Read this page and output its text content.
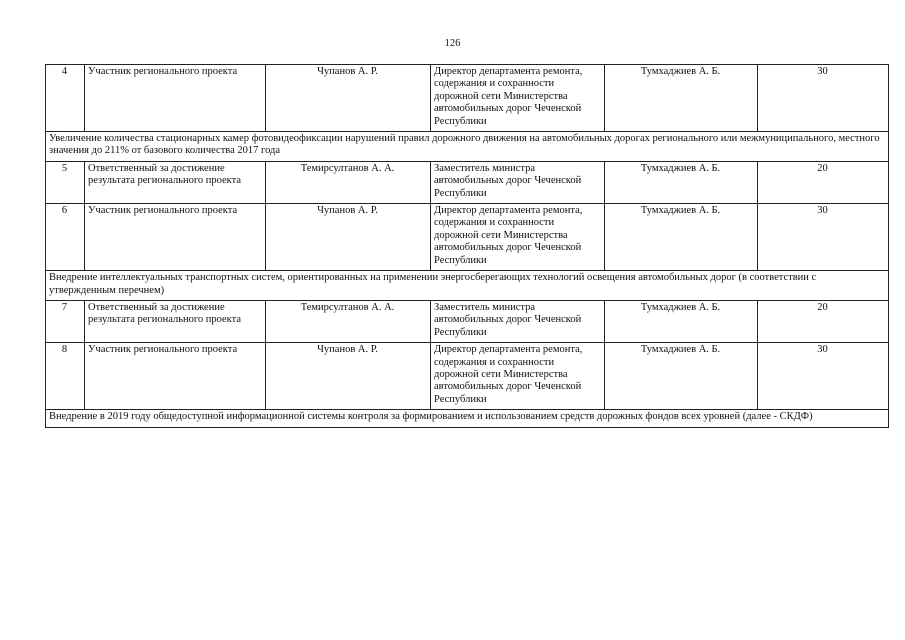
126
4	Участник регионального проекта	Чупанов А. Р.	Директор департамента ремонта, содержания и сохранности дорожной сети Министерства автомобильных дорог Чеченской Республики	Тумхаджиев А. Б.	30
Увеличение количества стационарных камер фотовидеофиксации нарушений правил дорожного движения на автомобильных дорогах регионального или межмуниципального, местного значения до 211% от базового количества 2017 года					
5	Ответственный за достижение результата регионального проекта	Темирсултанов А. А.	Заместитель министра автомобильных дорог Чеченской Республики	Тумхаджиев А. Б.	20
6	Участник регионального проекта	Чупанов А. Р.	Директор департамента ремонта, содержания и сохранности дорожной сети Министерства автомобильных дорог Чеченской Республики	Тумхаджиев А. Б.	30
Внедрение интеллектуальных транспортных систем, ориентированных на применении энергосберегающих технологий освещения автомобильных дорог (в соответствии с утвержденным перечнем)					
7	Ответственный за достижение результата регионального проекта	Темирсултанов А. А.	Заместитель министра автомобильных дорог Чеченской Республики	Тумхаджиев А. Б.	20
8	Участник регионального проекта	Чупанов А. Р.	Директор департамента ремонта, содержания и сохранности дорожной сети Министерства автомобильных дорог Чеченской Республики	Тумхаджиев А. Б.	30
Внедрение в 2019 году общедоступной информационной системы контроля за формированием и использованием средств дорожных фондов всех уровней (далее - СКДФ)					
